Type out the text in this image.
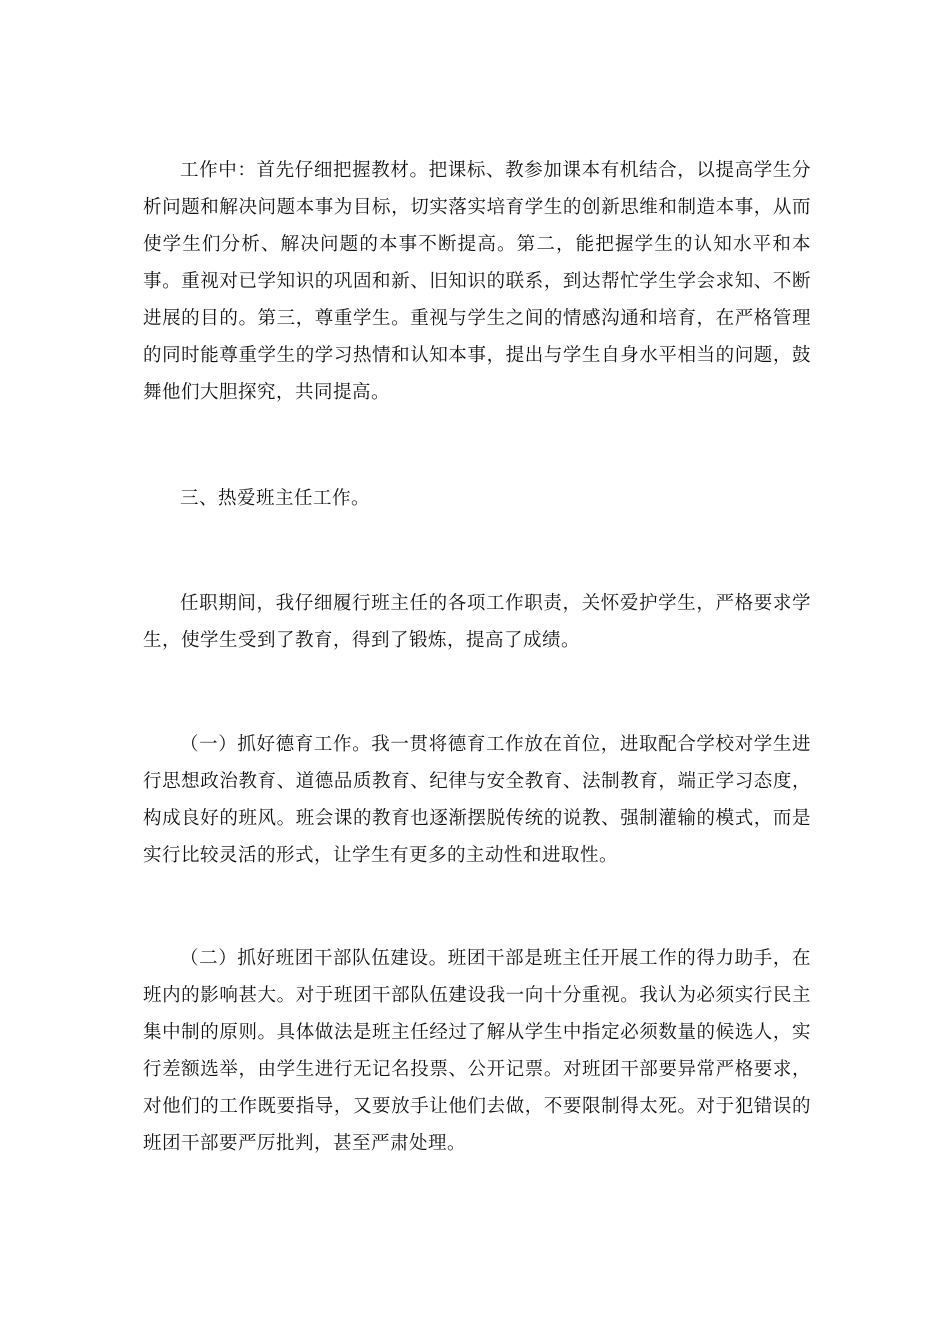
工作中：首先仔细把握教材。把课标、教参加课本有机结合，以提高学生分析问题和解决问题本事为目标，切实落实培育学生的创新思维和制造本事，从而使学生们分析、解决问题的本事不断提高。第二，能把握学生的认知水平和本事。重视对已学知识的巩固和新、旧知识的联系，到达帮忙学生学会求知、不断进展的目的。第三，尊重学生。重视与学生之间的情感沟通和培育，在严格管理的同时能尊重学生的学习热情和认知本事，提出与学生自身水平相当的问题，鼓舞他们大胆探究，共同提高。

三、热爱班主任工作。

任职期间，我仔细履行班主任的各项工作职责，关怀爱护学生，严格要求学生，使学生受到了教育，得到了锻炼，提高了成绩。

（一）抓好德育工作。我一贯将德育工作放在首位，进取配合学校对学生进行思想政治教育、道德品质教育、纪律与安全教育、法制教育，端正学习态度，构成良好的班风。班会课的教育也逐渐摆脱传统的说教、强制灌输的模式，而是实行比较灵活的形式，让学生有更多的主动性和进取性。

（二）抓好班团干部队伍建设。班团干部是班主任开展工作的得力助手，在班内的影响甚大。对于班团干部队伍建设我一向十分重视。我认为必须实行民主集中制的原则。具体做法是班主任经过了解从学生中指定必须数量的候选人，实行差额选举，由学生进行无记名投票、公开记票。对班团干部要异常严格要求，对他们的工作既要指导，又要放手让他们去做，不要限制得太死。对于犯错误的班团干部要严厉批判，甚至严肃处理。
